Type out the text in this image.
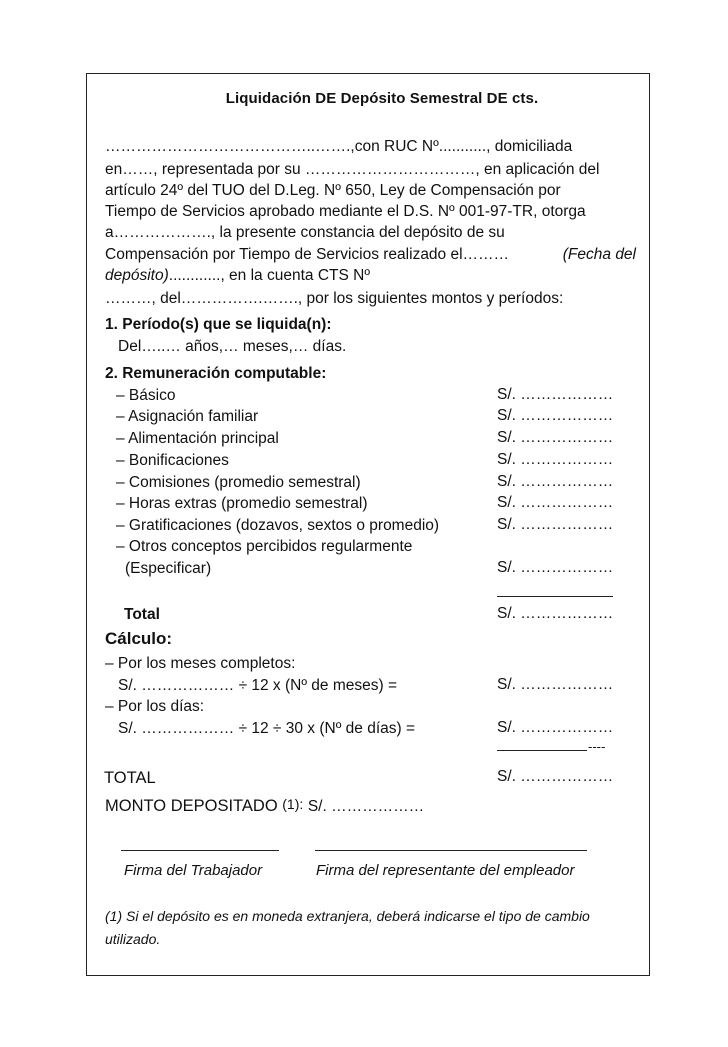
Liquidación DE Depósito Semestral DE cts.
…………………………………..…….,con RUC Nº..........., domiciliada
en……, representada por su ……………………………, en aplicación del
artículo 24º del TUO del D.Leg. Nº 650, Ley de Compensación por
Tiempo de Servicios aprobado mediante el D.S. Nº 001-97-TR, otorga
a………………., la presente constancia del depósito de su
Compensación por Tiempo de Servicios realizado el………	(Fecha del
depósito)............, en la cuenta CTS Nº
………, del…………….……., por los siguientes montos y períodos:
1. Período(s) que se liquida(n):
Del…..… años,… meses,… días.
2. Remuneración computable:
– Básico	S/. ………………
– Asignación familiar	S/. ………………
– Alimentación principal	S/. ………………
– Bonificaciones	S/. ………………
– Comisiones (promedio semestral)	S/. ………………
– Horas extras (promedio semestral)	S/. ………………
– Gratificaciones (dozavos, sextos o promedio)	S/. ………………
– Otros conceptos percibidos regularmente
(Especificar)	S/. ………………
Total	S/. ………………
Cálculo:
– Por los meses completos:
S/. ……………… ÷ 12 x (Nº de meses) =	S/. ………………
– Por los días:
S/. ……………… ÷ 12 ÷ 30 x (Nº de días) =	S/. ………………
----
TOTAL	S/. ………………
MONTO DEPOSITADO (1): S/. ………………
Firma del Trabajador	Firma del representante del empleador
(1) Si el depósito es en moneda extranjera, deberá indicarse el tipo de cambio
utilizado.
